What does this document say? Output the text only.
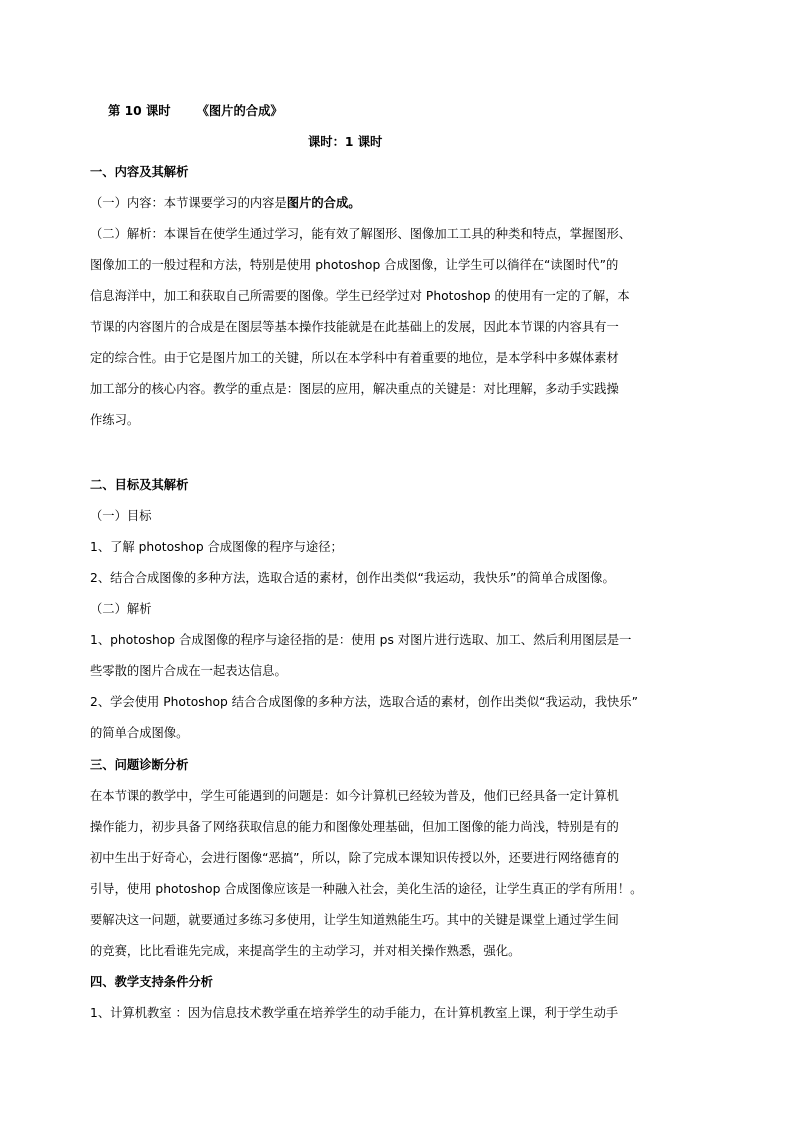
第 10 课时 《图片的合成》
课时：1 课时
一、内容及其解析
（一）内容：本节课要学习的内容是图片的合成。
（二）解析：本课旨在使学生通过学习，能有效了解图形、图像加工工具的种类和特点，掌握图形、
图像加工的一般过程和方法，特别是使用 photoshop 合成图像，让学生可以徜徉在“读图时代”的
信息海洋中，加工和获取自己所需要的图像。学生已经学过对 Photoshop 的使用有一定的了解，本
节课的内容图片的合成是在图层等基本操作技能就是在此基础上的发展，因此本节课的内容具有一
定的综合性。由于它是图片加工的关键，所以在本学科中有着重要的地位，是本学科中多媒体素材
加工部分的核心内容。教学的重点是：图层的应用，解决重点的关键是：对比理解，多动手实践操
作练习。
二、目标及其解析
（一）目标
1、了解 photoshop 合成图像的程序与途径；
2、结合合成图像的多种方法，选取合适的素材，创作出类似“我运动，我快乐”的简单合成图像。
（二）解析
1、photoshop 合成图像的程序与途径指的是：使用 ps 对图片进行选取、加工、然后利用图层是一
些零散的图片合成在一起表达信息。
2、学会使用 Photoshop 结合合成图像的多种方法，选取合适的素材，创作出类似“我运动，我快乐”
的简单合成图像。
三、问题诊断分析
在本节课的教学中，学生可能遇到的问题是：如今计算机已经较为普及，他们已经具备一定计算机
操作能力，初步具备了网络获取信息的能力和图像处理基础，但加工图像的能力尚浅，特别是有的
初中生出于好奇心，会进行图像“恶搞”，所以，除了完成本课知识传授以外，还要进行网络德育的
引导，使用 photoshop 合成图像应该是一种融入社会，美化生活的途径，让学生真正的学有所用！。
要解决这一问题，就要通过多练习多使用，让学生知道熟能生巧。其中的关键是课堂上通过学生间
的竞赛，比比看谁先完成，来提高学生的主动学习，并对相关操作熟悉，强化。
四、教学支持条件分析
1、计算机教室 ：因为信息技术教学重在培养学生的动手能力，在计算机教室上课，利于学生动手
